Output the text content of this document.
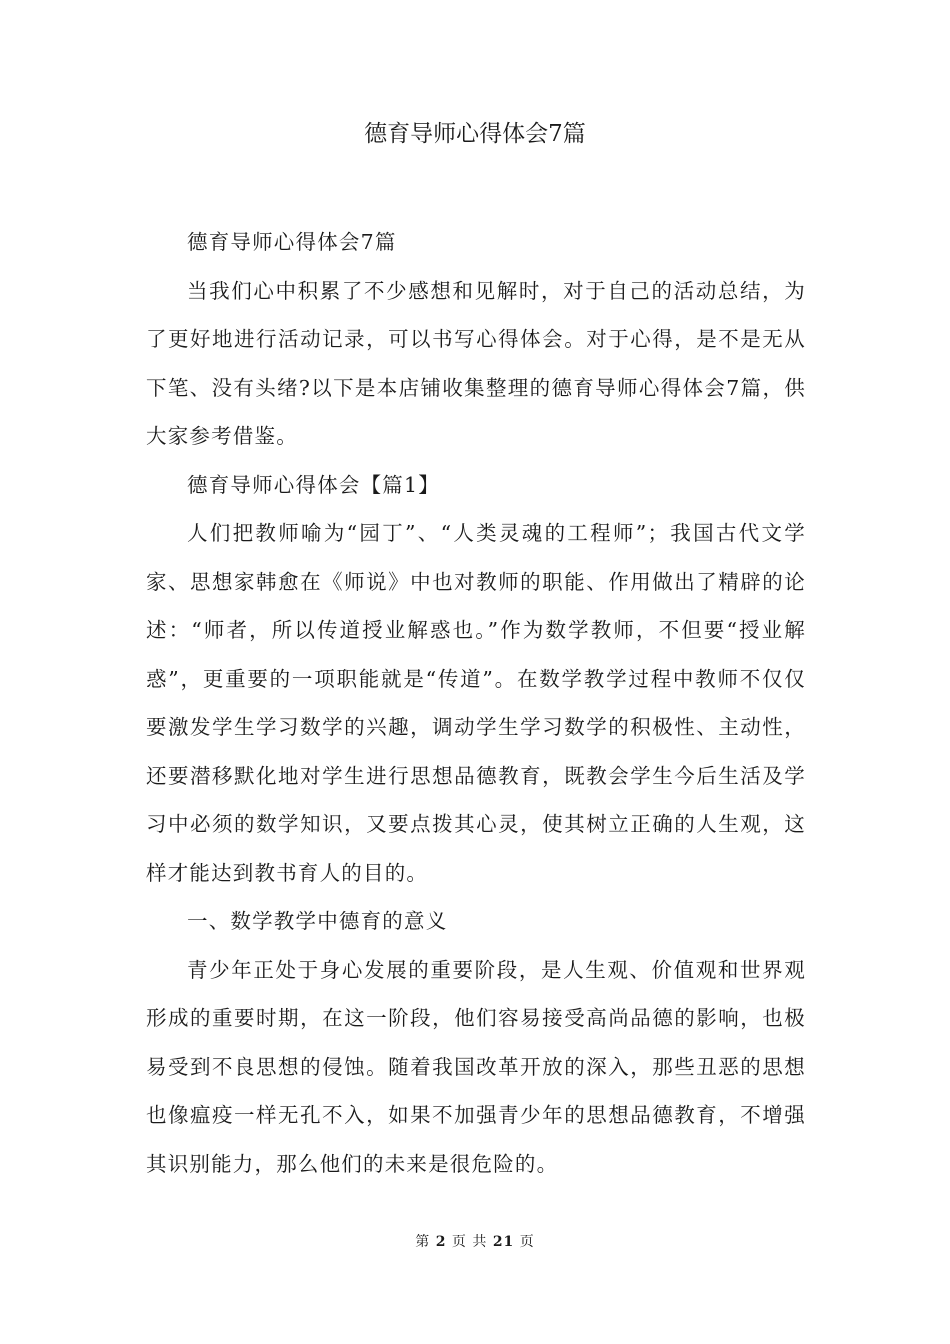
德育导师心得体会7篇

德育导师心得体会7篇

当我们心中积累了不少感想和见解时，对于自己的活动总结，为了更好地进行活动记录，可以书写心得体会。对于心得，是不是无从下笔、没有头绪?以下是本店铺收集整理的德育导师心得体会7篇，供大家参考借鉴。

德育导师心得体会【篇1】

人们把教师喻为“园丁”、“人类灵魂的工程师”；我国古代文学家、思想家韩愈在《师说》中也对教师的职能、作用做出了精辟的论述：“师者，所以传道授业解惑也。”作为数学教师，不但要“授业解惑”，更重要的一项职能就是“传道”。在数学教学过程中教师不仅仅要激发学生学习数学的兴趣，调动学生学习数学的积极性、主动性，还要潜移默化地对学生进行思想品德教育，既教会学生今后生活及学习中必须的数学知识，又要点拨其心灵，使其树立正确的人生观，这样才能达到教书育人的目的。

一、数学教学中德育的意义

青少年正处于身心发展的重要阶段，是人生观、价值观和世界观形成的重要时期，在这一阶段，他们容易接受高尚品德的影响，也极易受到不良思想的侵蚀。随着我国改革开放的深入，那些丑恶的思想也像瘟疫一样无孔不入，如果不加强青少年的思想品德教育，不增强其识别能力，那么他们的未来是很危险的。

第 2 页 共 21 页
